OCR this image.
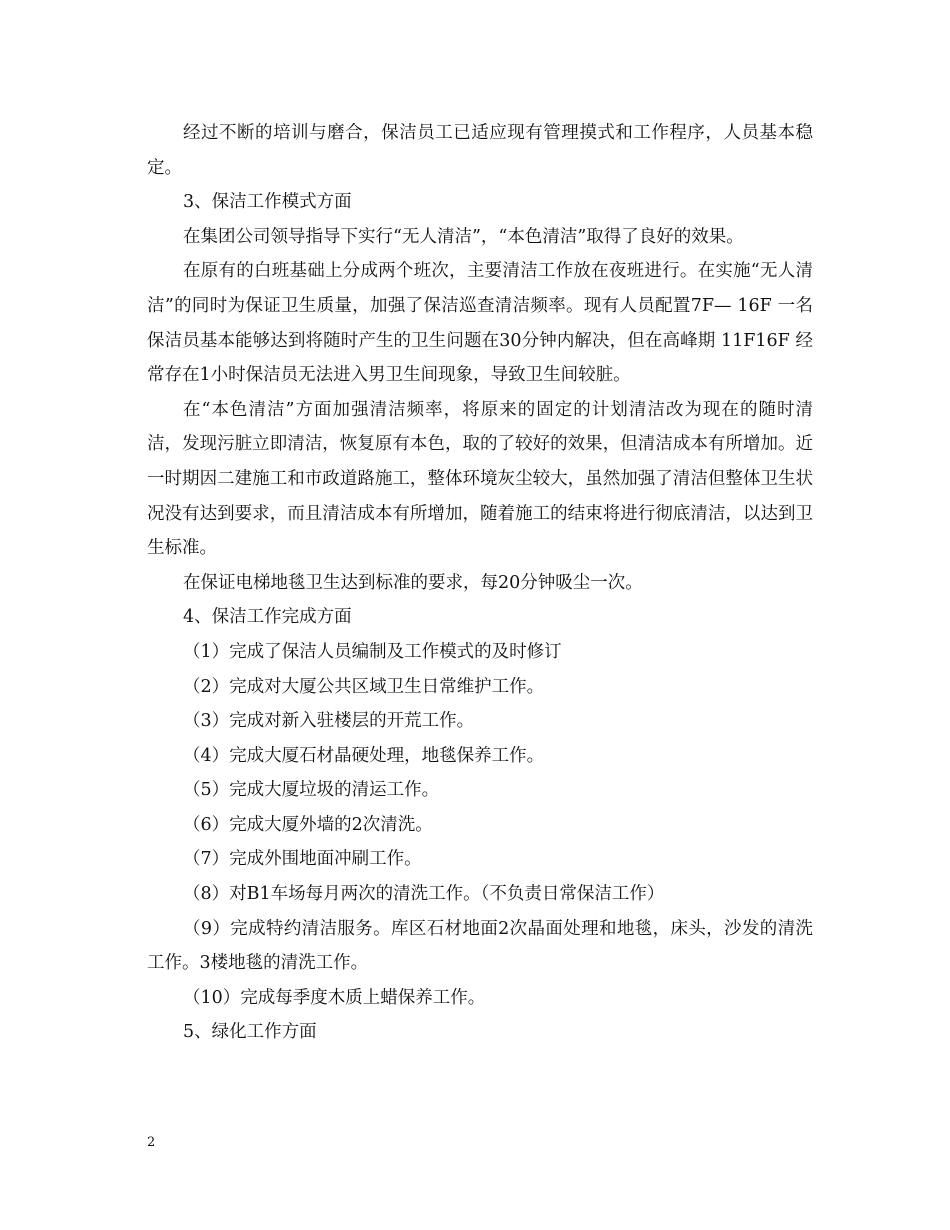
经过不断的培训与磨合，保洁员工已适应现有管理摸式和工作程序，人员基本稳定。

3、保洁工作模式方面

在集团公司领导指导下实行“无人清洁”，“本色清洁”取得了良好的效果。

在原有的白班基础上分成两个班次，主要清洁工作放在夜班进行。在实施“无人清洁”的同时为保证卫生质量，加强了保洁巡查清洁频率。现有人员配置7F— 16F 一名保洁员基本能够达到将随时产生的卫生问题在30分钟内解决，但在高峰期 11F16F 经常存在1小时保洁员无法进入男卫生间现象，导致卫生间较脏。

在“本色清洁”方面加强清洁频率，将原来的固定的计划清洁改为现在的随时清洁，发现污脏立即清洁，恢复原有本色，取的了较好的效果，但清洁成本有所增加。近一时期因二建施工和市政道路施工，整体环境灰尘较大，虽然加强了清洁但整体卫生状况没有达到要求，而且清洁成本有所增加，随着施工的结束将进行彻底清洁，以达到卫生标准。

在保证电梯地毯卫生达到标准的要求，每20分钟吸尘一次。

4、保洁工作完成方面

（1）完成了保洁人员编制及工作模式的及时修订

（2）完成对大厦公共区域卫生日常维护工作。

（3）完成对新入驻楼层的开荒工作。

（4）完成大厦石材晶硬处理，地毯保养工作。

（5）完成大厦垃圾的清运工作。

（6）完成大厦外墙的2次清洗。

（7）完成外围地面冲刷工作。

（8）对B1车场每月两次的清洗工作。（不负责日常保洁工作）

（9）完成特约清洁服务。库区石材地面2次晶面处理和地毯，床头，沙发的清洗工作。3楼地毯的清洗工作。

（10）完成每季度木质上蜡保养工作。

5、绿化工作方面

2
